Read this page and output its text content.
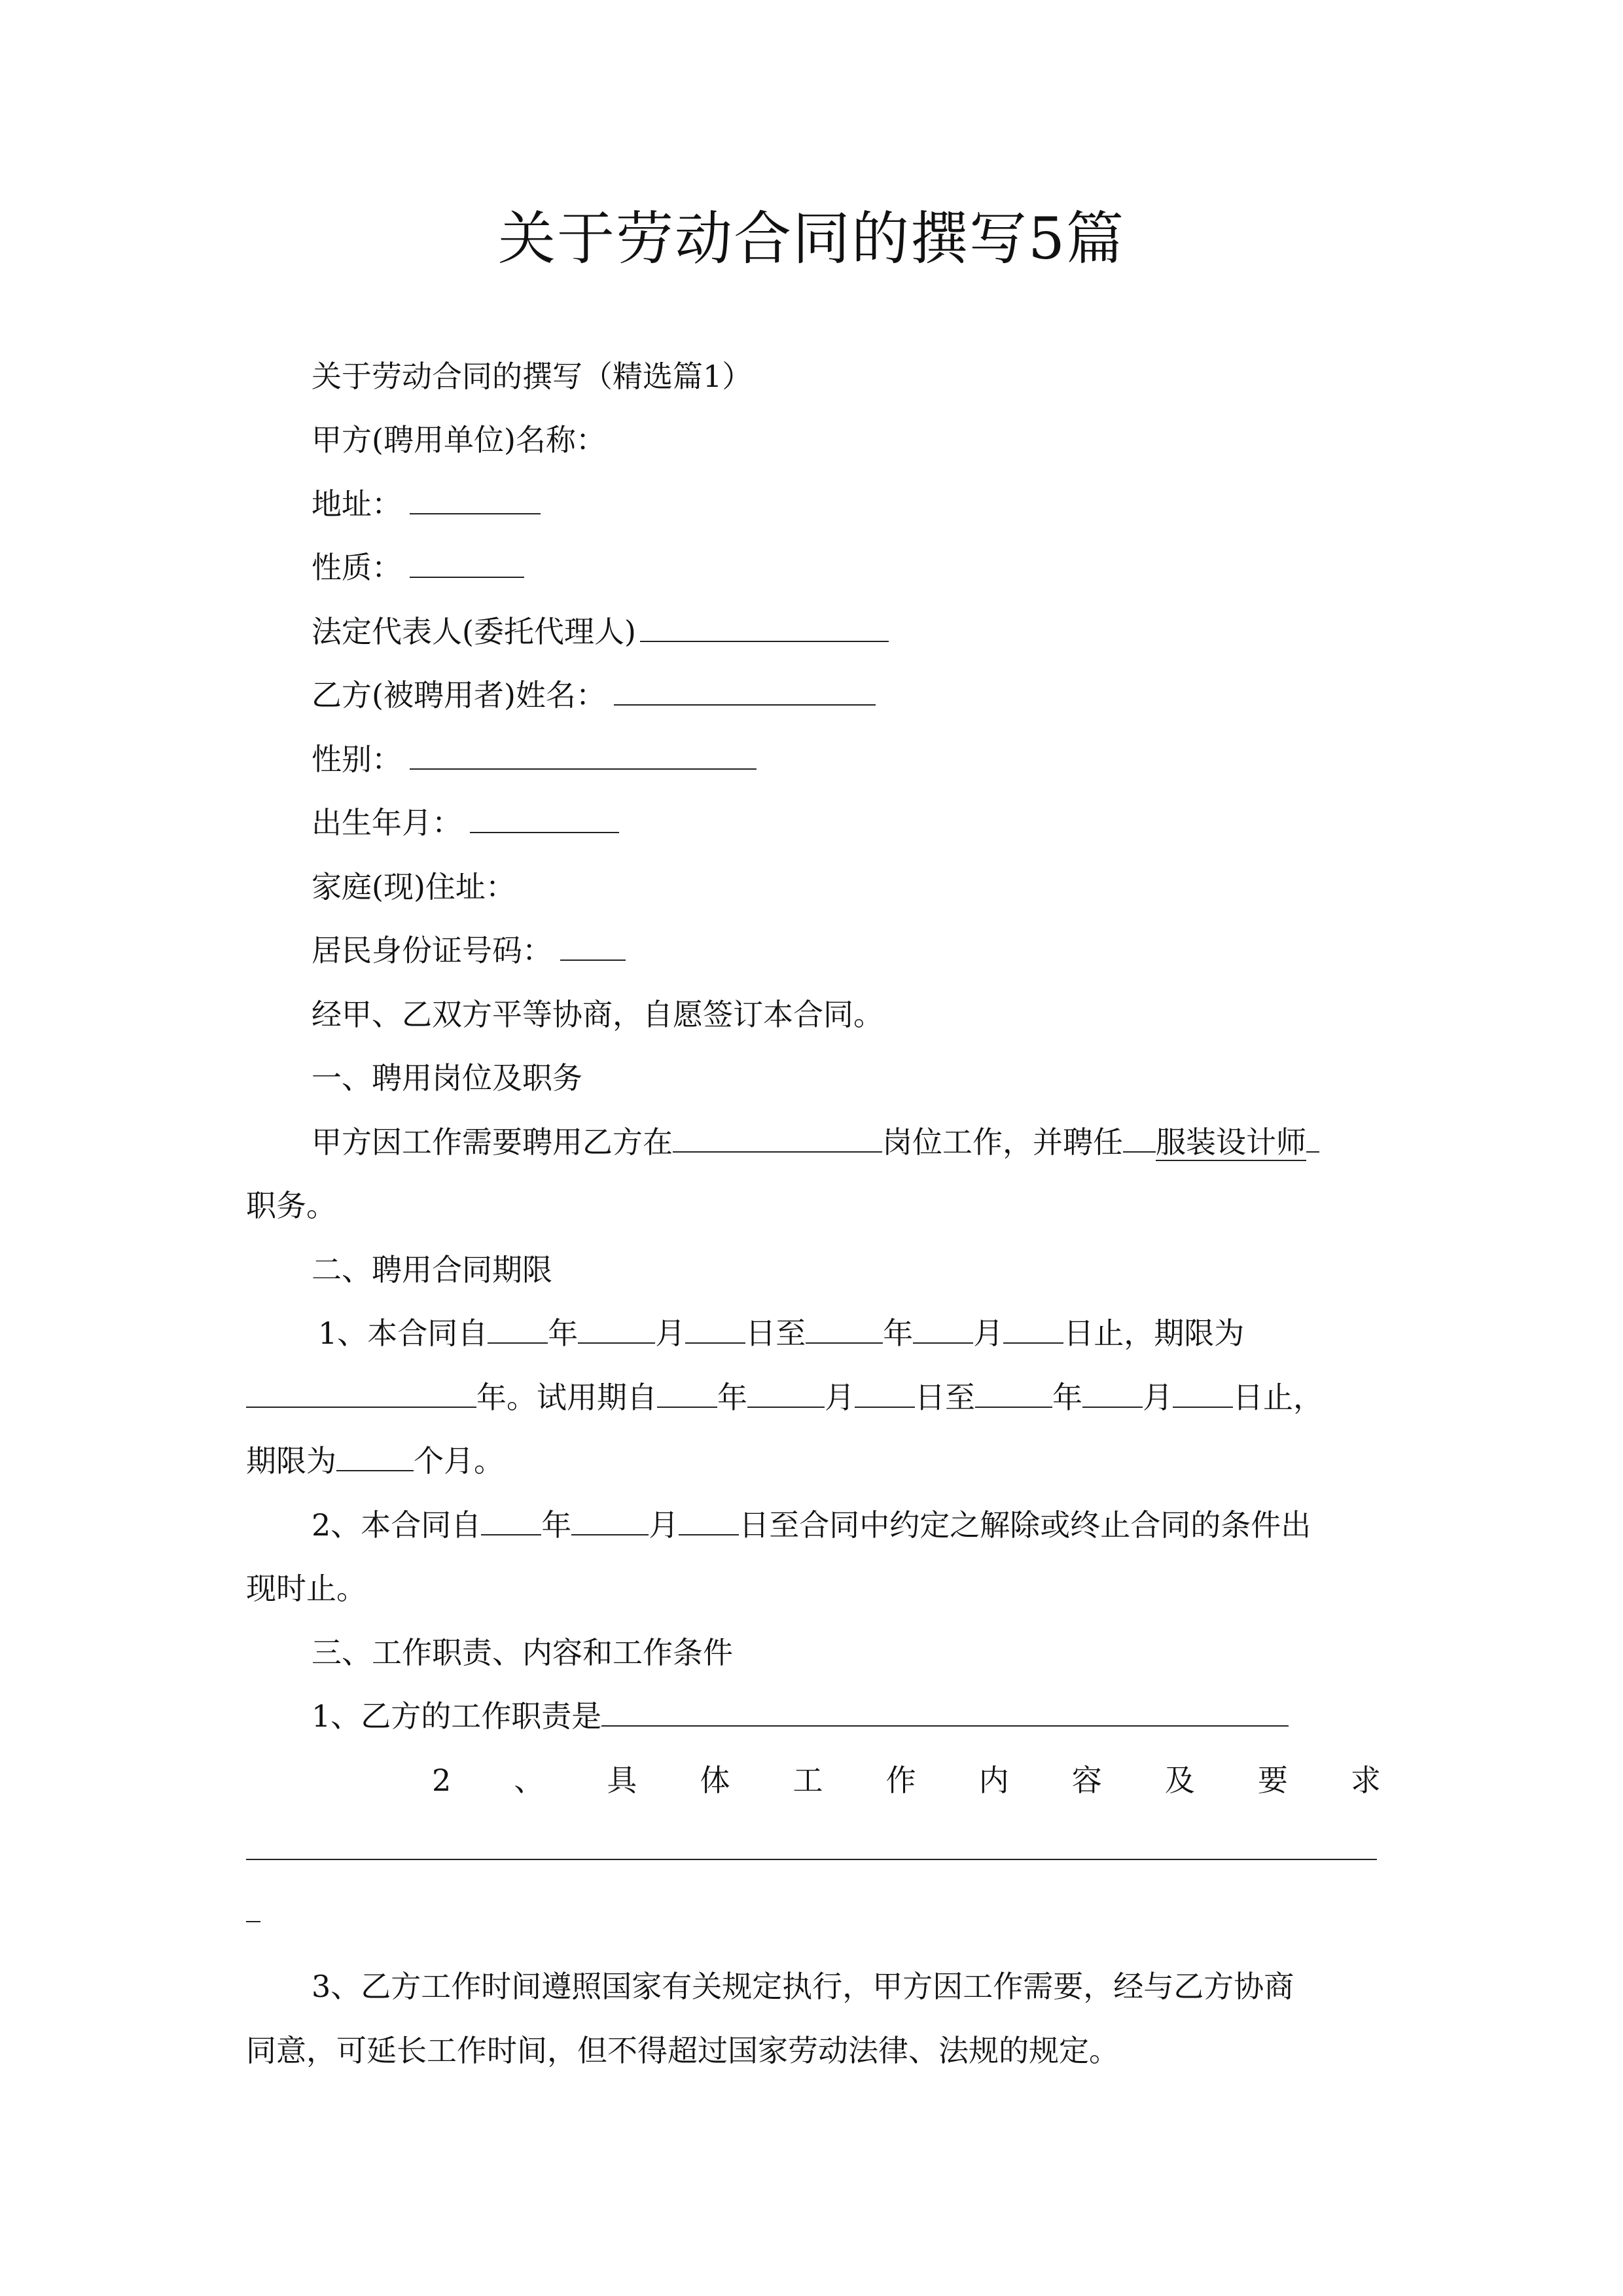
关于劳动合同的撰写5篇
关于劳动合同的撰写（精选篇1）
甲方(聘用单位)名称：
地址：
性质：
法定代表人(委托代理人)
乙方(被聘用者)姓名：
性别：
出生年月：
家庭(现)住址：
居民身份证号码：
经甲、乙双方平等协商，自愿签订本合同。
一、聘用岗位及职务
甲方因工作需要聘用乙方在	岗位工作，并聘任 服装设计师
职务。
二、聘用合同期限
1、本合同自 年	月 日至	年 月 日止，期限为
年。试用期自 年	月 日至	年 月 日止，
期限为	个月。
2、本合同自 年	月 日至合同中约定之解除或终止合同的条件出
现时止。
三、工作职责、内容和工作条件
1、乙方的工作职责是
2 、 具 体 工 作 内 容 及 要 求
3、乙方工作时间遵照国家有关规定执行，甲方因工作需要，经与乙方协商
同意，可延长工作时间，但不得超过国家劳动法律、法规的规定。
